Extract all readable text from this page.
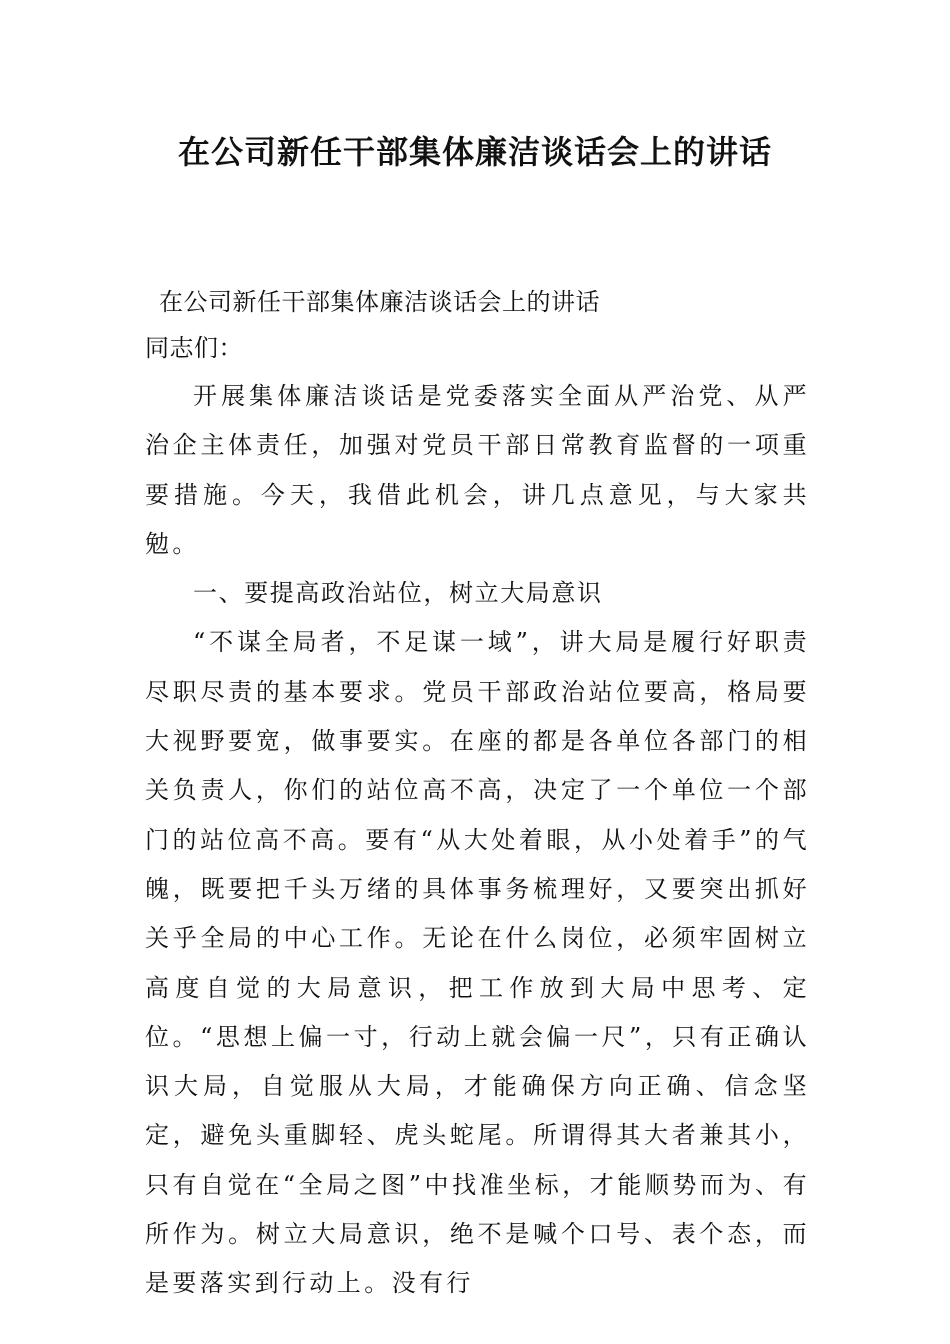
在公司新任干部集体廉洁谈话会上的讲话

在公司新任干部集体廉洁谈话会上的讲话

同志们：

开展集体廉洁谈话是党委落实全面从严治党、从严治企主体责任，加强对党员干部日常教育监督的一项重要措施。今天，我借此机会，讲几点意见，与大家共勉。

一、要提高政治站位，树立大局意识

“不谋全局者，不足谋一域”，讲大局是履行好职责尽职尽责的基本要求。党员干部政治站位要高，格局要大视野要宽，做事要实。在座的都是各单位各部门的相关负责人，你们的站位高不高，决定了一个单位一个部门的站位高不高。要有“从大处着眼，从小处着手”的气魄，既要把千头万绪的具体事务梳理好，又要突出抓好关乎全局的中心工作。无论在什么岗位，必须牢固树立高度自觉的大局意识，把工作放到大局中思考、定位。“思想上偏一寸，行动上就会偏一尺”，只有正确认识大局，自觉服从大局，才能确保方向正确、信念坚定，避免头重脚轻、虎头蛇尾。所谓得其大者兼其小，只有自觉在“全局之图”中找准坐标，才能顺势而为、有所作为。树立大局意识，绝不是喊个口号、表个态，而是要落实到行动上。没有行
